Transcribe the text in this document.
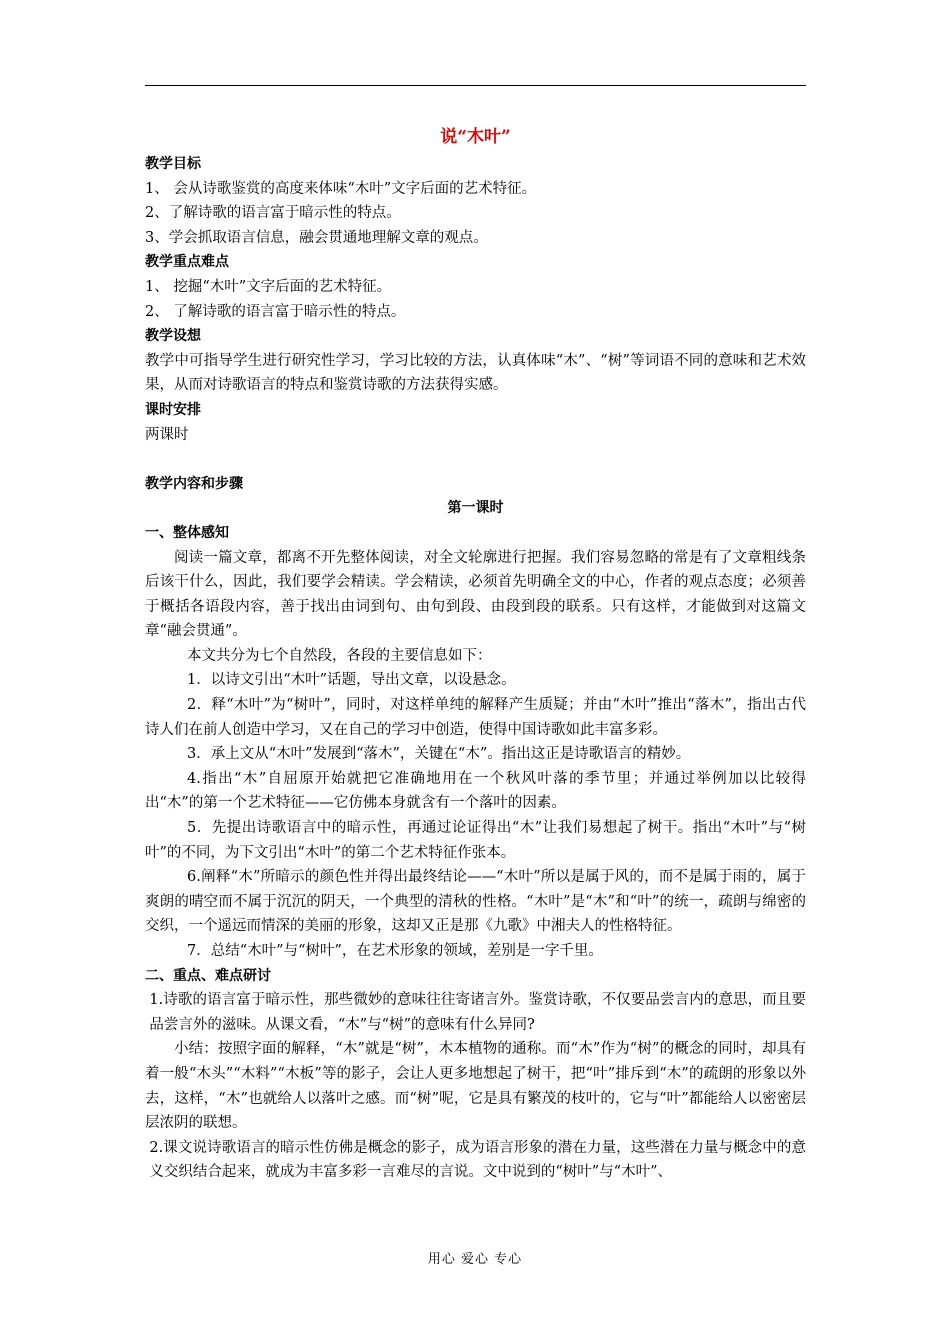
说“木叶”

教学目标

1、 会从诗歌鉴赏的高度来体味“木叶”文字后面的艺术特征。

2、了解诗歌的语言富于暗示性的特点。

3、学会抓取语言信息，融会贯通地理解文章的观点。

教学重点难点

1、 挖掘“木叶”文字后面的艺术特征。

2、 了解诗歌的语言富于暗示性的特点。

教学设想

教学中可指导学生进行研究性学习，学习比较的方法，认真体味“木”、“树”等词语不同的意味和艺术效果，从而对诗歌语言的特点和鉴赏诗歌的方法获得实感。

课时安排

两课时

教学内容和步骤

第一课时

一、整体感知

阅读一篇文章，都离不开先整体阅读，对全文轮廓进行把握。我们容易忽略的常是有了文章粗线条后该干什么，因此，我们要学会精读。学会精读，必须首先明确全文的中心，作者的观点态度；必须善于概括各语段内容，善于找出由词到句、由句到段、由段到段的联系。只有这样，才能做到对这篇文章“融会贯通”。

本文共分为七个自然段，各段的主要信息如下：

1．以诗文引出“木叶”话题，导出文章，以设悬念。

2．释“木叶”为“树叶”，同时，对这样单纯的解释产生质疑；并由“木叶”推出“落木”，指出古代诗人们在前人创造中学习，又在自己的学习中创造，使得中国诗歌如此丰富多彩。

3．承上文从“木叶”发展到“落木”，关键在“木”。指出这正是诗歌语言的精妙。

4.指出“木”自屈原开始就把它准确地用在一个秋风叶落的季节里；并通过举例加以比较得出“木”的第一个艺术特征——它仿佛本身就含有一个落叶的因素。

5．先提出诗歌语言中的暗示性，再通过论证得出“木”让我们易想起了树干。指出“木叶”与“树叶”的不同，为下文引出“木叶”的第二个艺术特征作张本。

6.阐释“木”所暗示的颜色性并得出最终结论——“木叶”所以是属于风的，而不是属于雨的，属于爽朗的晴空而不属于沉沉的阴天，一个典型的清秋的性格。“木叶”是“木”和“叶”的统一，疏朗与绵密的交织，一个遥远而情深的美丽的形象，这却又正是那《九歌》中湘夫人的性格特征。

7．总结“木叶”与“树叶”，在艺术形象的领域，差别是一字千里。

二、重点、难点研讨

1.诗歌的语言富于暗示性，那些微妙的意味往往寄诸言外。鉴赏诗歌，不仅要品尝言内的意思，而且要品尝言外的滋味。从课文看，“木”与“树”的意味有什么异同?

小结：按照字面的解释，“木”就是“树”，木本植物的通称。而“木”作为“树”的概念的同时，却具有着一般“木头”“木料”“木板”等的影子，会让人更多地想起了树干，把“叶”排斥到“木”的疏朗的形象以外去，这样，“木”也就给人以落叶之感。而“树”呢，它是具有繁茂的枝叶的，它与“叶”都能给人以密密层层浓阴的联想。

2.课文说诗歌语言的暗示性仿佛是概念的影子，成为语言形象的潜在力量，这些潜在力量与概念中的意义交织结合起来，就成为丰富多彩一言难尽的言说。文中说到的“树叶”与“木叶”、

用心 爱心 专心
